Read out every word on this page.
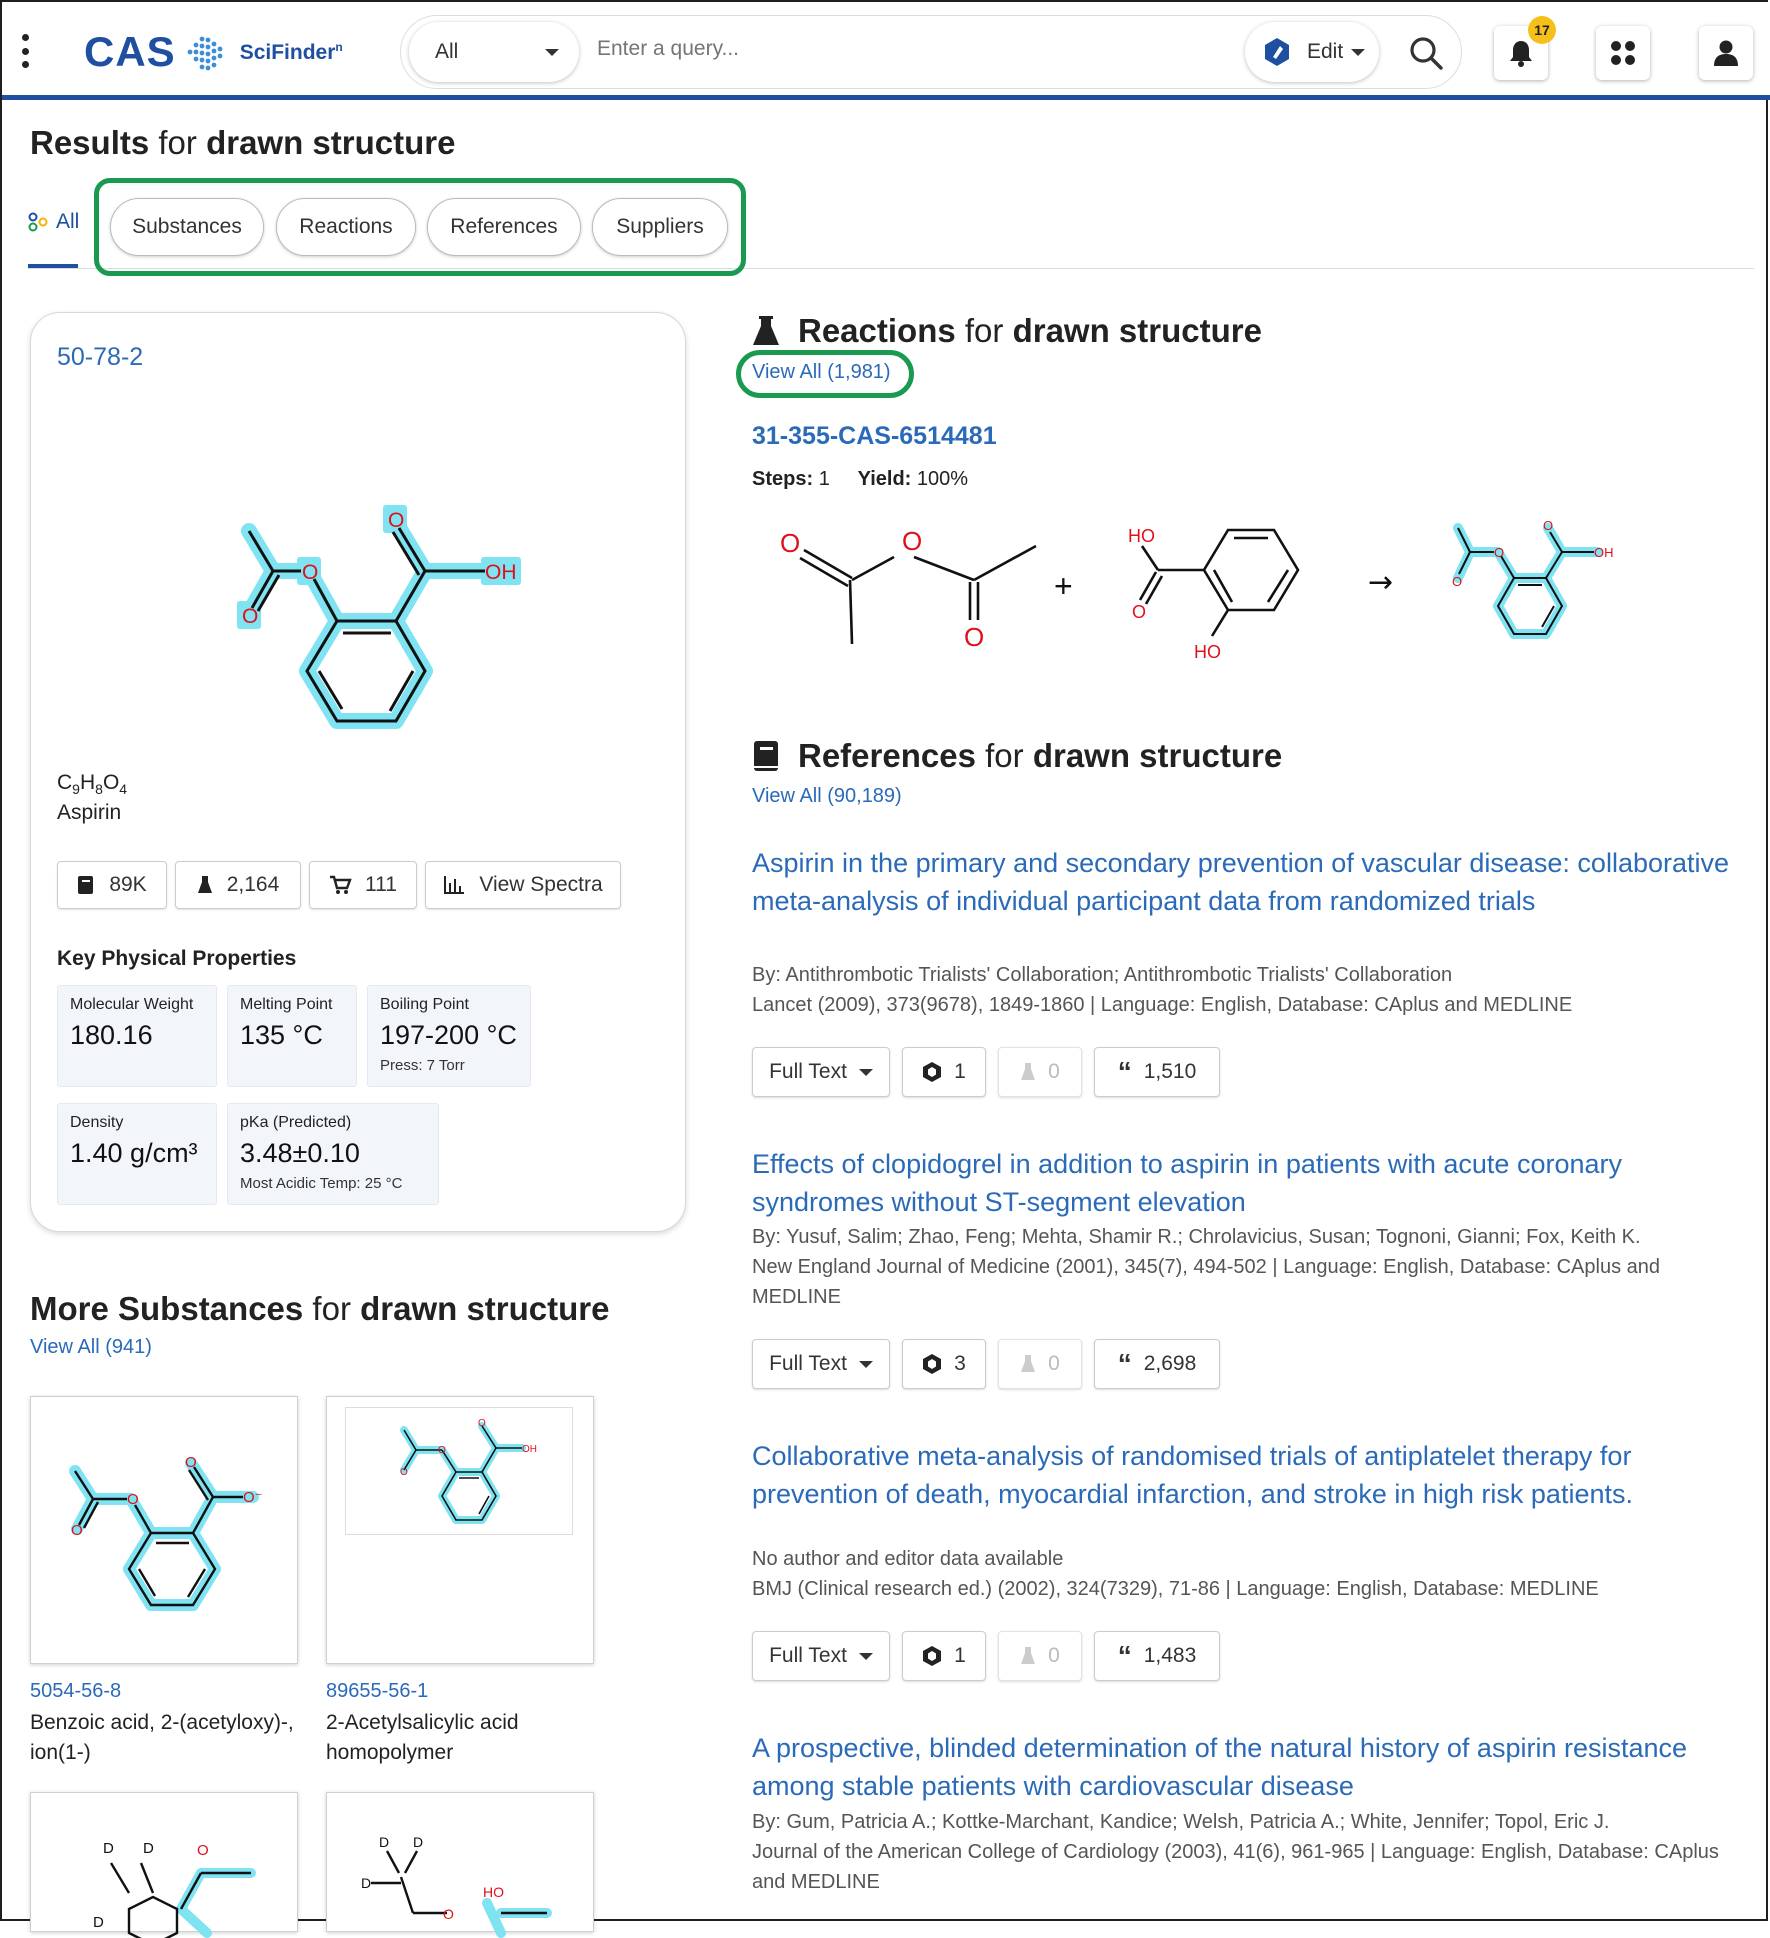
CAS	SciFinder$^n$	All
Enter a query...	Edit
17
Results for drawn structure
All	Substances	Reactions	References	Suppliers
50-78-2
O
O
O
OH
$C_9H_8O_4$
Aspirin
89K	2,164	111	View Spectra
Key Physical Properties
Molecular Weight
180.16
Melting Point
135 °C
Boiling Point
197-200 °C
Press: 7 Torr
Density
1.40 g/cm³
pKa (Predicted)
3.48±0.10
Most Acidic Temp: 25 °C
More Substances for drawn structure
View All (941)
O
O
O
O⁻
5054-56-8
Benzoic acid, 2-(acetyloxy)-, ion(1-)
O
O
O
OH
89655-56-1
2-Acetylsalicylic acid homopolymer
D D
D
O	D D
D
HO
O
Reactions for drawn structure
View All (1,981)
31-355-CAS-6514481
Steps: 1 Yield: 100%
O	O
O
+
HO
O
HO
→	O
O
O
OH
References for drawn structure
View All (90,189)
Aspirin in the primary and secondary prevention of vascular disease: collaborative meta-analysis of individual participant data from randomized trials
By: Antithrombotic Trialists' Collaboration; Antithrombotic Trialists' Collaboration
Lancet (2009), 373(9678), 1849-1860 | Language: English, Database: CAplus and MEDLINE
Full Text	1	0 “ 1,510
Effects of clopidogrel in addition to aspirin in patients with acute coronary syndromes without ST-segment elevation
By: Yusuf, Salim; Zhao, Feng; Mehta, Shamir R.; Chrolavicius, Susan; Tognoni, Gianni; Fox, Keith K.
New England Journal of Medicine (2001), 345(7), 494-502 | Language: English, Database: CAplus and MEDLINE
Full Text	3	0 “ 2,698
Collaborative meta-analysis of randomised trials of antiplatelet therapy for prevention of death, myocardial infarction, and stroke in high risk patients.
No author and editor data available
BMJ (Clinical research ed.) (2002), 324(7329), 71-86 | Language: English, Database: MEDLINE
Full Text	1	0 “ 1,483
A prospective, blinded determination of the natural history of aspirin resistance among stable patients with cardiovascular disease
By: Gum, Patricia A.; Kottke-Marchant, Kandice; Welsh, Patricia A.; White, Jennifer; Topol, Eric J.
Journal of the American College of Cardiology (2003), 41(6), 961-965 | Language: English, Database: CAplus and MEDLINE
